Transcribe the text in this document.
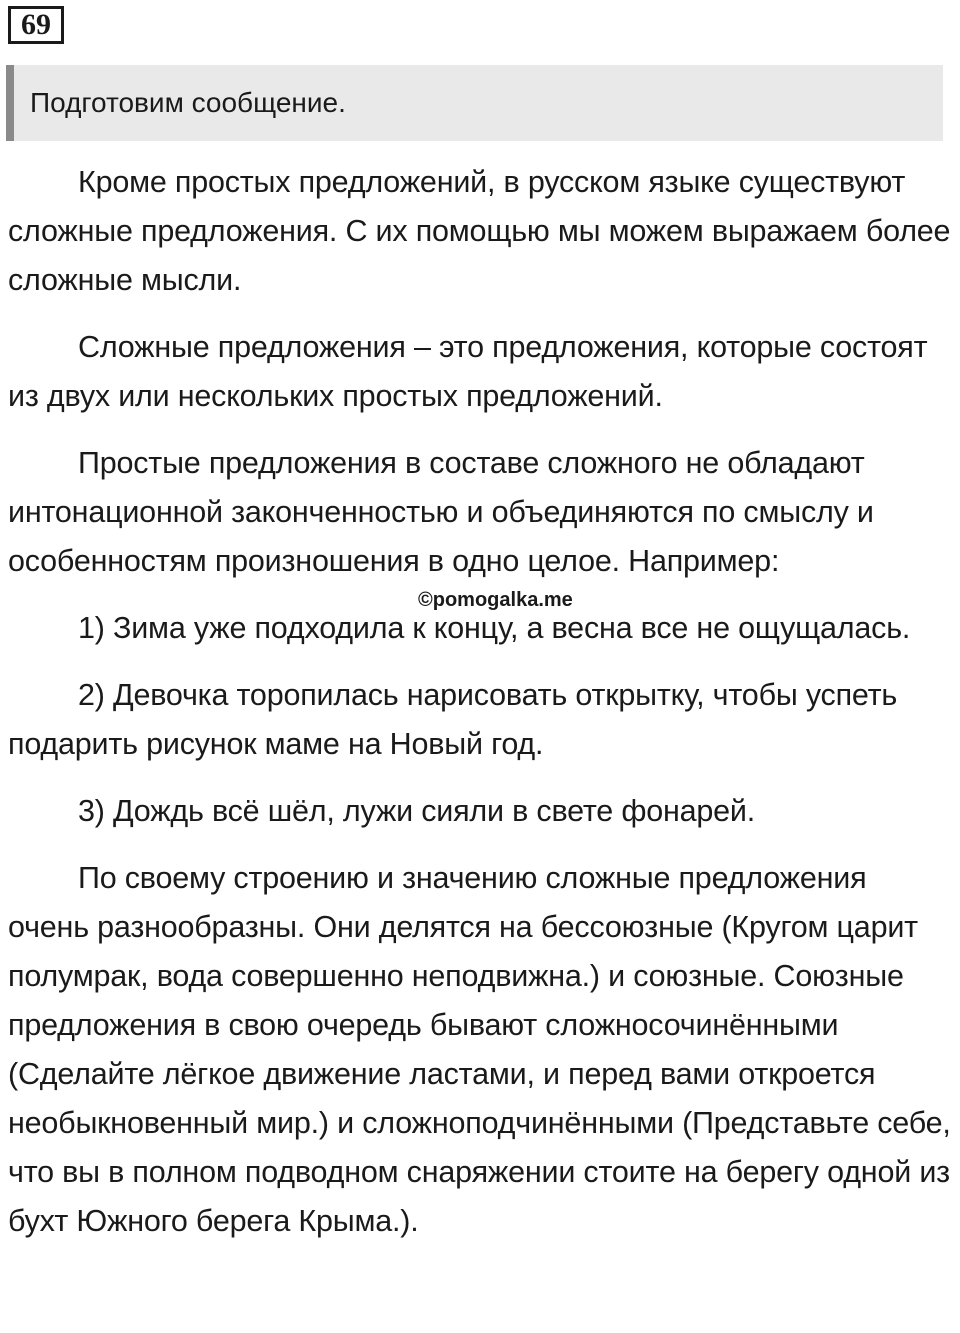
69
Подготовим сообщение.

Кроме простых предложений, в русском языке существуют сложные предложения. С их помощью мы можем выражаем более сложные мысли.

Сложные предложения – это предложения, которые состоят из двух или нескольких простых предложений.

Простые предложения в составе сложного не обладают интонационной законченностью и объединяются по смыслу и особенностям произношения в одно целое. Например:

1) Зима уже подходила к концу, а весна все не ощущалась.

2) Девочка торопилась нарисовать открытку, чтобы успеть подарить рисунок маме на Новый год.

3) Дождь всё шёл, лужи сияли в свете фонарей.

По своему строению и значению сложные предложения очень разнообразны. Они делятся на бессоюзные (Кругом царит полумрак, вода совершенно неподвижна.) и союзные. Союзные предложения в свою очередь бывают сложносочинёнными (Сделайте лёгкое движение ластами, и перед вами откроется необыкновенный мир.) и сложноподчинёнными (Представьте себе, что вы в полном подводном снаряжении стоите на берегу одной из бухт Южного берега Крыма.).

©pomogalka.me
